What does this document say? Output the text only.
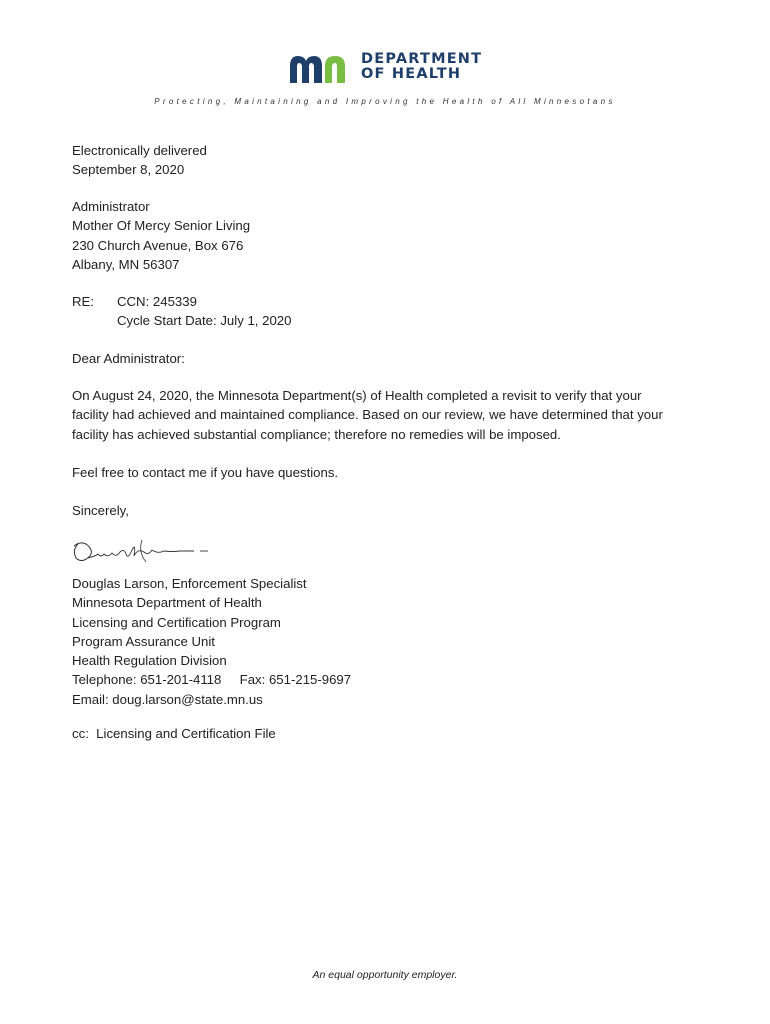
DEPARTMENT
OF HEALTH
Protecting, Maintaining and Improving the Health of All Minnesotans
Electronically delivered
September 8, 2020
Administrator
Mother Of Mercy Senior Living
230 Church Avenue, Box 676
Albany, MN 56307
RE: CCN: 245339
Cycle Start Date: July 1, 2020
Dear Administrator:
On August 24, 2020, the Minnesota Department(s) of Health completed a revisit to verify that your
facility had achieved and maintained compliance. Based on our review, we have determined that your
facility has achieved substantial compliance; therefore no remedies will be imposed.
Feel free to contact me if you have questions.
Sincerely,
Douglas Larson, Enforcement Specialist
Minnesota Department of Health
Licensing and Certification Program
Program Assurance Unit
Health Regulation Division
Telephone: 651-201-4118     Fax: 651-215-9697
Email: doug.larson@state.mn.us
cc:  Licensing and Certification File
An equal opportunity employer.
